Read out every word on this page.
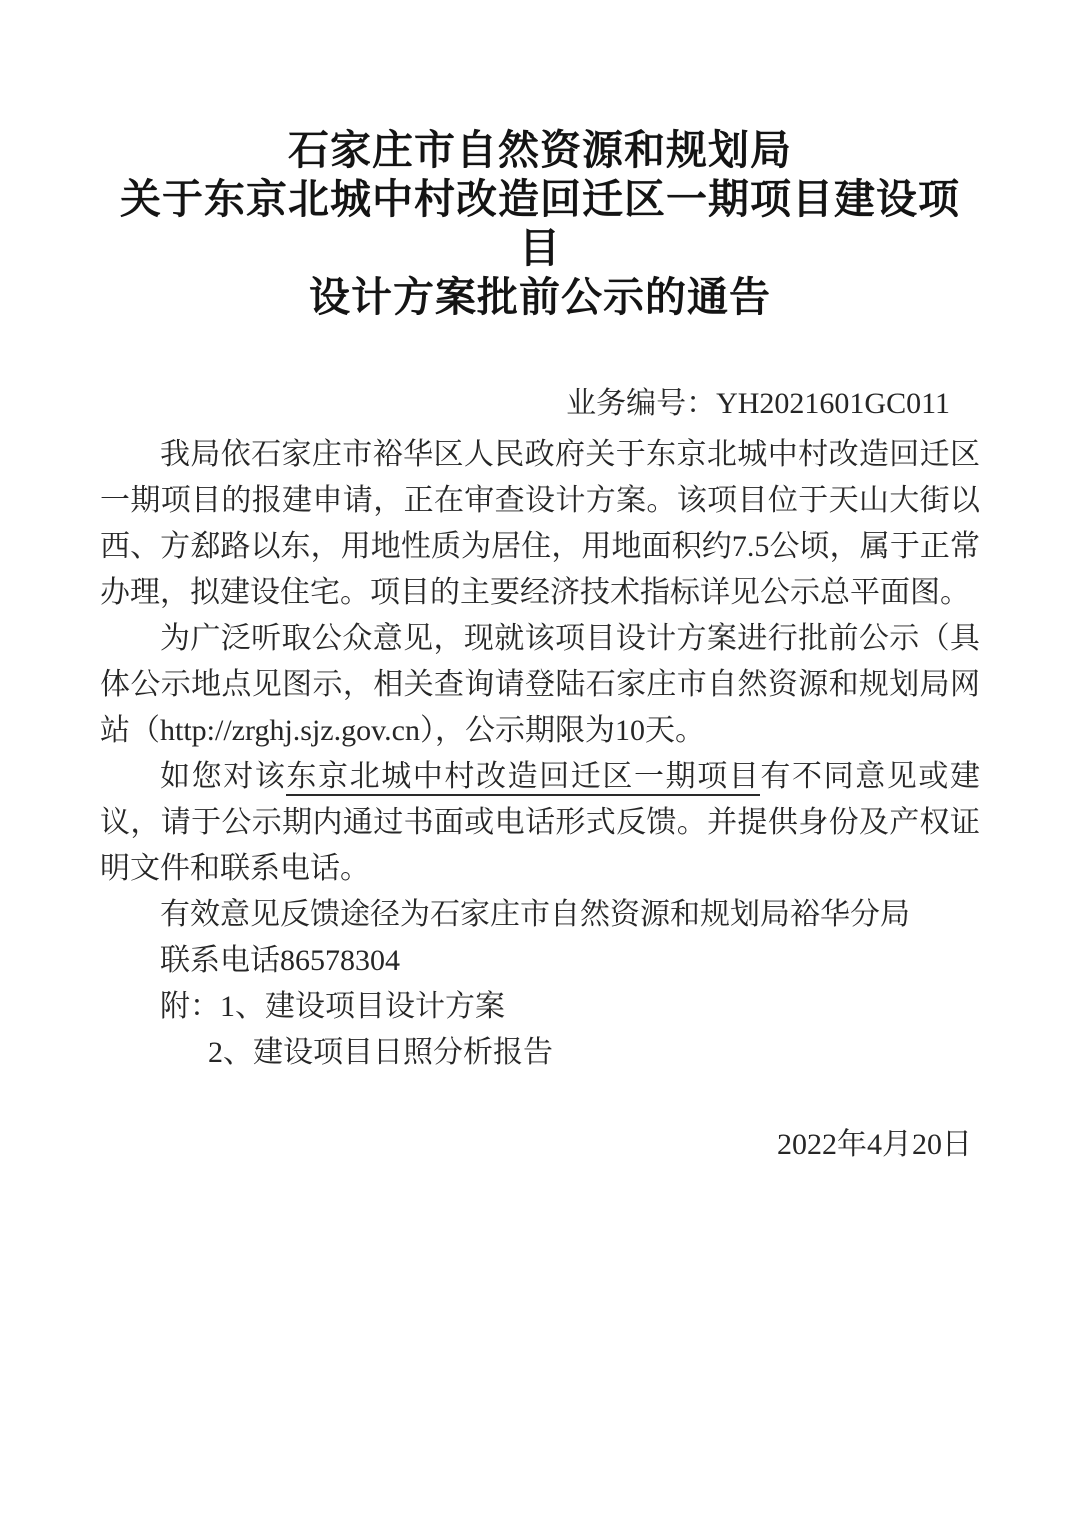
石家庄市自然资源和规划局
关于东京北城中村改造回迁区一期项目建设项目
设计方案批前公示的通告
业务编号：YH2021601GC011

我局依石家庄市裕华区人民政府关于东京北城中村改造回迁区一期项目的报建申请，正在审查设计方案。该项目位于天山大街以西、方郄路以东，用地性质为居住，用地面积约7.5公顷，属于正常办理，拟建设住宅。项目的主要经济技术指标详见公示总平面图。

为广泛听取公众意见，现就该项目设计方案进行批前公示（具体公示地点见图示，相关查询请登陆石家庄市自然资源和规划局网站（http://zrghj.sjz.gov.cn），公示期限为10天。

如您对该东京北城中村改造回迁区一期项目有不同意见或建议，请于公示期内通过书面或电话形式反馈。并提供身份及产权证明文件和联系电话。

有效意见反馈途径为石家庄市自然资源和规划局裕华分局

联系电话86578304

附：1、建设项目设计方案

2、建设项目日照分析报告

2022年4月20日
